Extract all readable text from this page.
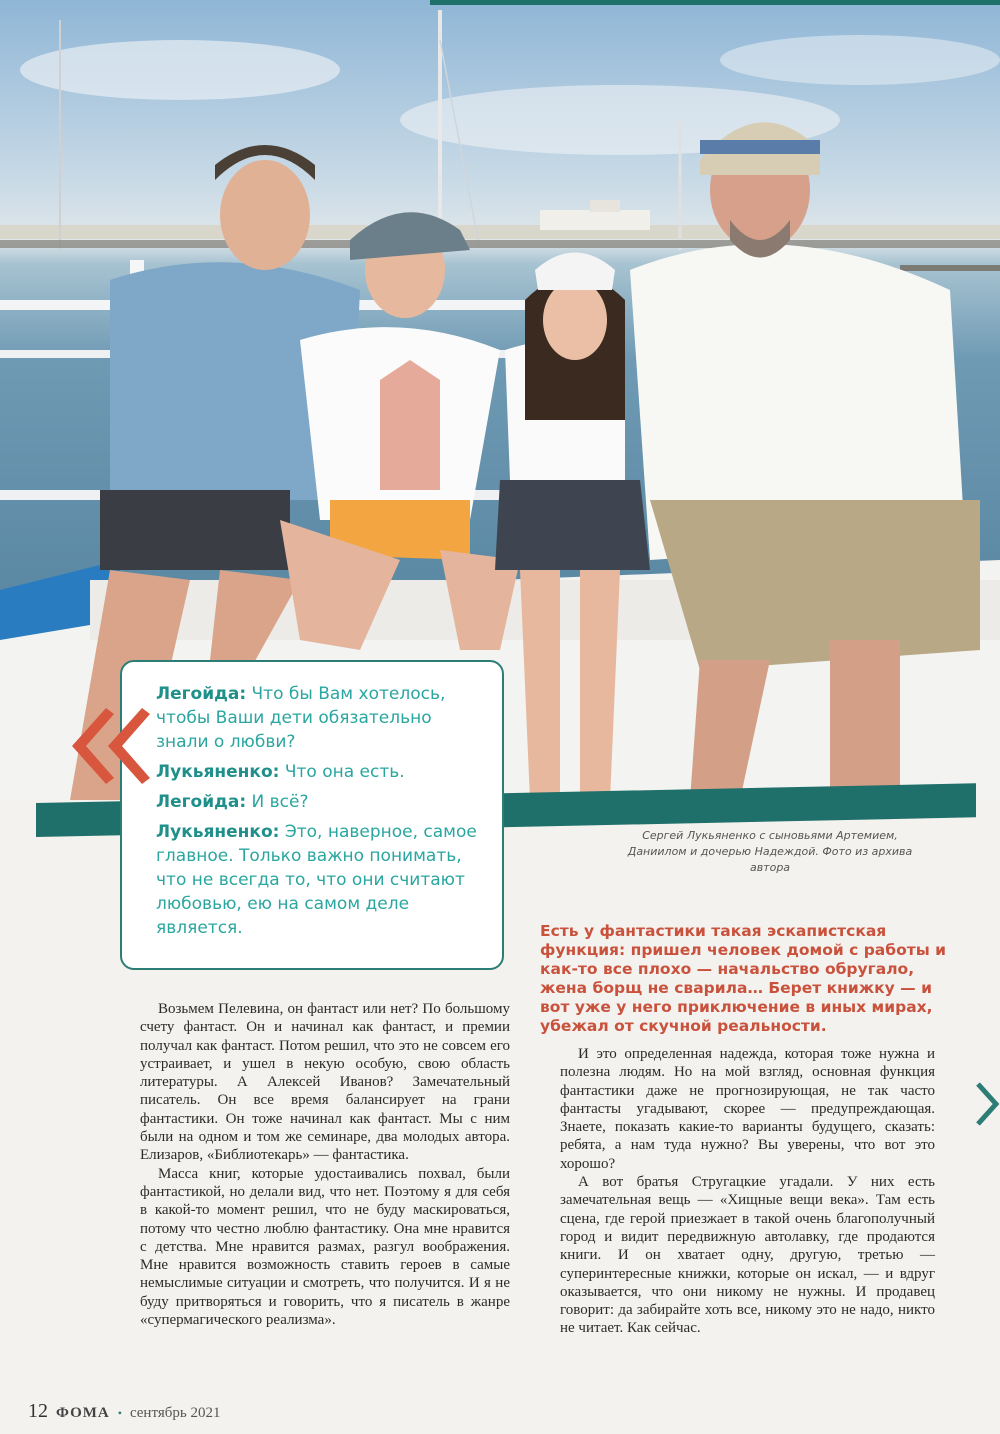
Легойда: Что бы Вам хотелось, чтобы Ваши дети обязательно знали о любви?

Лукьяненко: Что она есть.

Легойда: И всё?

Лукьяненко: Это, наверное, самое главное. Только важно понимать, что не всегда то, что они считают любовью, ею на самом деле является.

Сергей Лукьяненко с сыновьями Артемием, Даниилом и дочерью Надеждой. Фото из архива автора
Есть у фантастики такая эскапистская функция: пришел человек домой с работы и как-то все плохо — начальство обругало, жена борщ не сварила… Берет книжку — и вот уже у него приключение в иных мирах, убежал от скучной реальности.

Возьмем Пелевина, он фантаст или нет? По большому счету фантаст. Он и начинал как фантаст, и премии получал как фантаст. Потом решил, что это не совсем его устраивает, и ушел в некую особую, свою область литературы. А Алексей Иванов? Замечательный писатель. Он все время балансирует на грани фантастики. Он тоже начинал как фантаст. Мы с ним были на одном и том же семинаре, два молодых автора. Елизаров, «Библиотекарь» — фантастика.

Масса книг, которые удостаивались похвал, были фантастикой, но делали вид, что нет. Поэтому я для себя в какой-то момент решил, что не буду маскироваться, потому что честно люблю фантастику. Она мне нравится с детства. Мне нравится размах, разгул воображения. Мне нравится возможность ставить героев в самые немыслимые ситуации и смотреть, что получится. И я не буду притворяться и говорить, что я писатель в жанре «супермагического реализма».

И это определенная надежда, которая тоже нужна и полезна людям. Но на мой взгляд, основная функция фантастики даже не прогнозирующая, не так часто фантасты угадывают, скорее — предупреждающая. Знаете, показать какие-то варианты будущего, сказать: ребята, а нам туда нужно? Вы уверены, что вот это хорошо?

А вот братья Стругацкие угадали. У них есть замечательная вещь — «Хищные вещи века». Там есть сцена, где герой приезжает в такой очень благополучный город и видит передвижную автолавку, где продаются книги. И он хватает одну, другую, третью — суперинтересные книжки, которые он искал, — и вдруг оказывается, что они никому не нужны. И продавец говорит: да забирайте хоть все, никому это не надо, никто не читает. Как сейчас.

12 ФОМА • сентябрь 2021
